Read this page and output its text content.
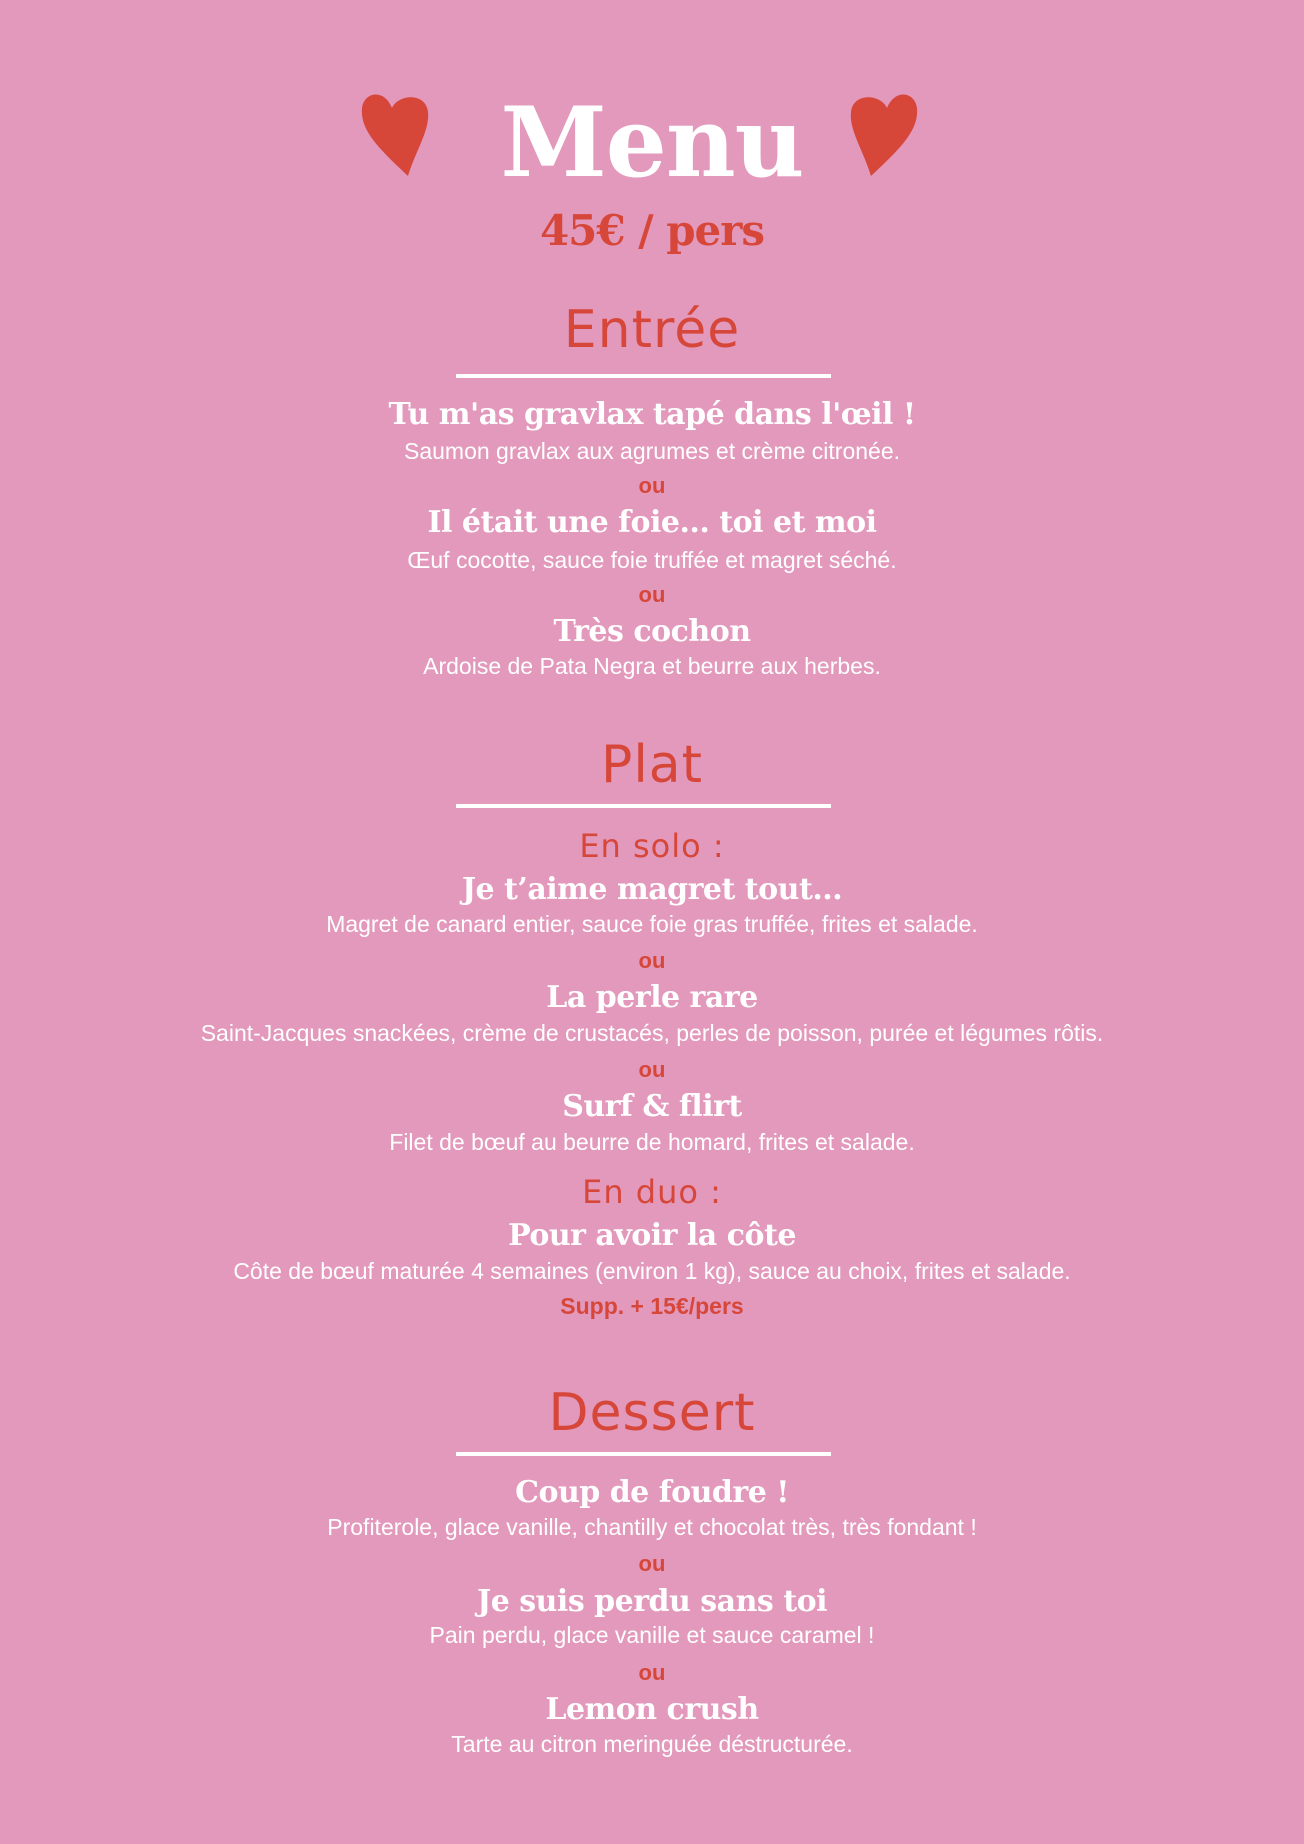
Menu
45€ / pers
Entrée
Tu m'as gravlax tapé dans l'œil !
Saumon gravlax aux agrumes et crème citronée.
ou
Il était une foie... toi et moi
Œuf cocotte, sauce foie truffée et magret séché.
ou
Très cochon
Ardoise de Pata Negra et beurre aux herbes.
Plat
En solo :
Je t’aime magret tout...
Magret de canard entier, sauce foie gras truffée, frites et salade.
ou
La perle rare
Saint-Jacques snackées, crème de crustacés, perles de poisson, purée et légumes rôtis.
ou
Surf & flirt
Filet de bœuf au beurre de homard, frites et salade.
En duo :
Pour avoir la côte
Côte de bœuf maturée 4 semaines (environ 1 kg), sauce au choix, frites et salade.
Supp. + 15€/pers
Dessert
Coup de foudre !
Profiterole, glace vanille, chantilly et chocolat très, très fondant !
ou
Je suis perdu sans toi
Pain perdu, glace vanille et sauce caramel !
ou
Lemon crush
Tarte au citron meringuée déstructurée.
